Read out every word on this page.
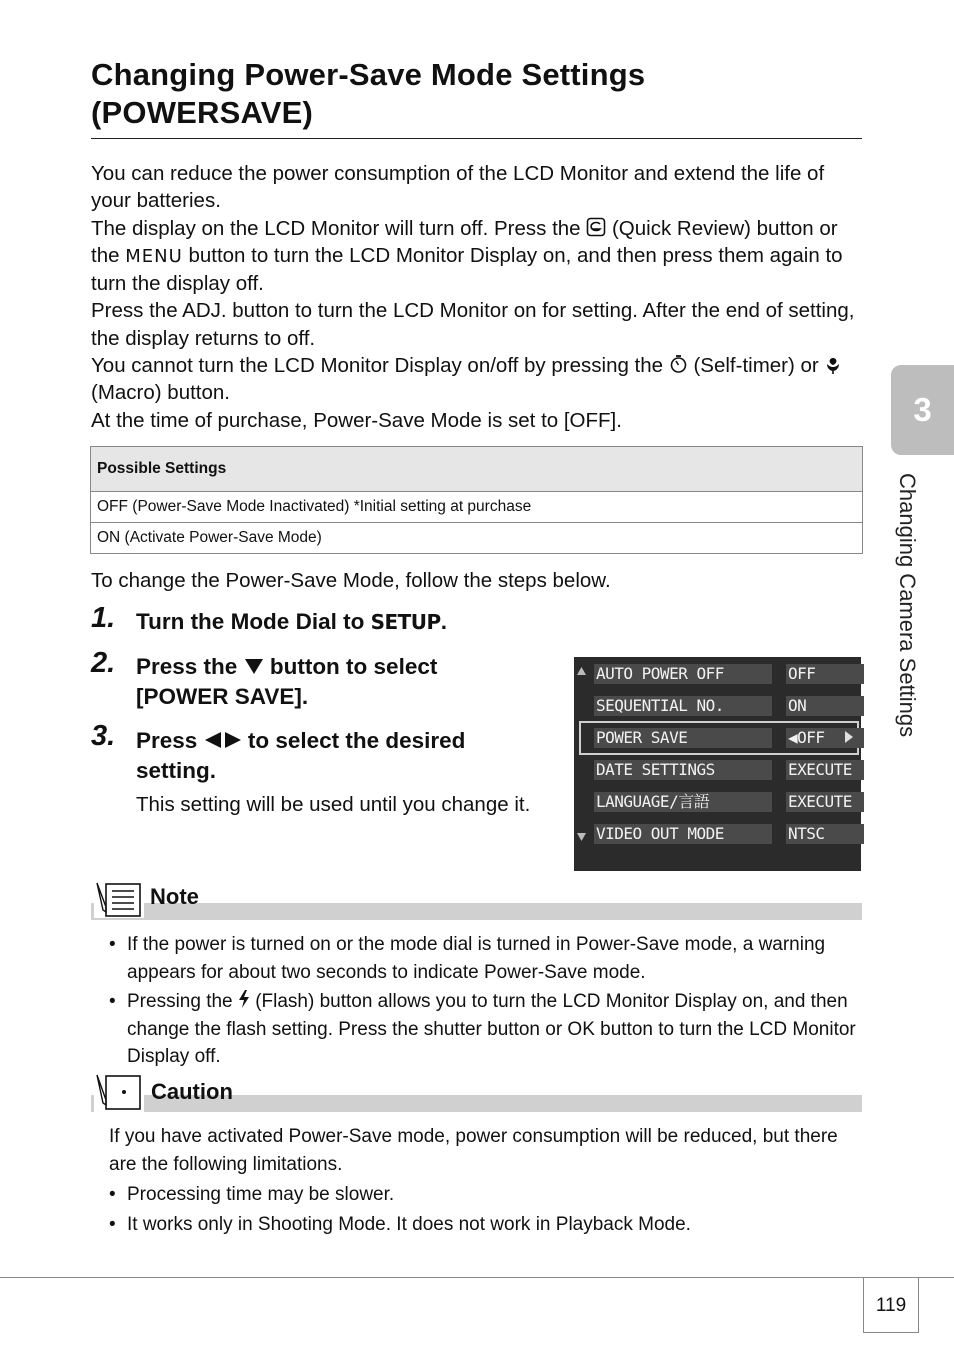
Changing Power-Save Mode Settings (POWERSAVE)

You can reduce the power consumption of the LCD Monitor and extend the life of your batteries.

The display on the LCD Monitor will turn off. Press the (Quick Review) button or the MENU button to turn the LCD Monitor Display on, and then press them again to turn the display off.

Press the ADJ. button to turn the LCD Monitor on for setting. After the end of setting, the display returns to off.

You cannot turn the LCD Monitor Display on/off by pressing the (Self-timer) or
(Macro) button.

At the time of purchase, Power-Save Mode is set to [OFF].

Possible Settings
OFF (Power-Save Mode Inactivated) *Initial setting at purchase
ON (Activate Power-Save Mode)
To change the Power-Save Mode, follow the steps below.
1. Turn the Mode Dial to SETUP.
2. Press the button to select
[POWER SAVE].
3. Press to select the desired
setting.
This setting will be used until you change it.
AUTO POWER OFF	OFF
SEQUENTIAL NO.	ON
POWER SAVE	◀OFF
DATE SETTINGS	EXECUTE
LANGUAGE/言語	EXECUTE
VIDEO OUT MODE	NTSC
Note
• If the power is turned on or the mode dial is turned in Power-Save mode, a warning appears for about two seconds to indicate Power-Save mode.
• Pressing the (Flash) button allows you to turn the LCD Monitor Display on, and then change the flash setting. Press the shutter button or OK button to turn the LCD Monitor Display off.
Caution
If you have activated Power-Save mode, power consumption will be reduced, but there are the following limitations.
• Processing time may be slower.
• It works only in Shooting Mode. It does not work in Playback Mode.
3
Changing Camera Settings
119
